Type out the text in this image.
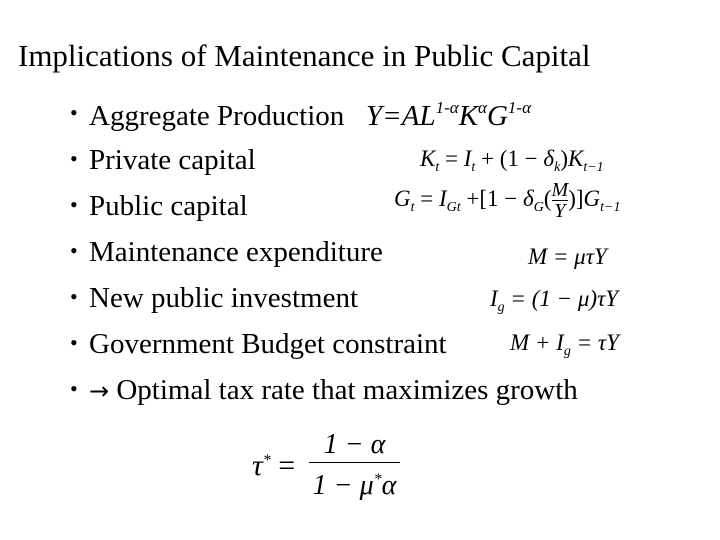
Implications of Maintenance in Public Capital
• Aggregate Production $Y=AL^{1-\alpha}K^\alpha G^{1-\alpha}$
• Private capital	$K_t = I_t + (1 - \delta_k)K_{t-1}$
• Public capital	$G_t = I_{Gt} +[1 - \delta_G( \frac{M}{Y} )]G_{t-1}$
• Maintenance expenditure	M = μτY
• New public investment	$I_g = (1 - \mu)\tau Y$
• Government Budget constraint	$M + I_g = \tau Y$
• → Optimal tax rate that maximizes growth
$\tau^* = \frac{1 - \alpha}{1 - \mu^*\alpha}$
